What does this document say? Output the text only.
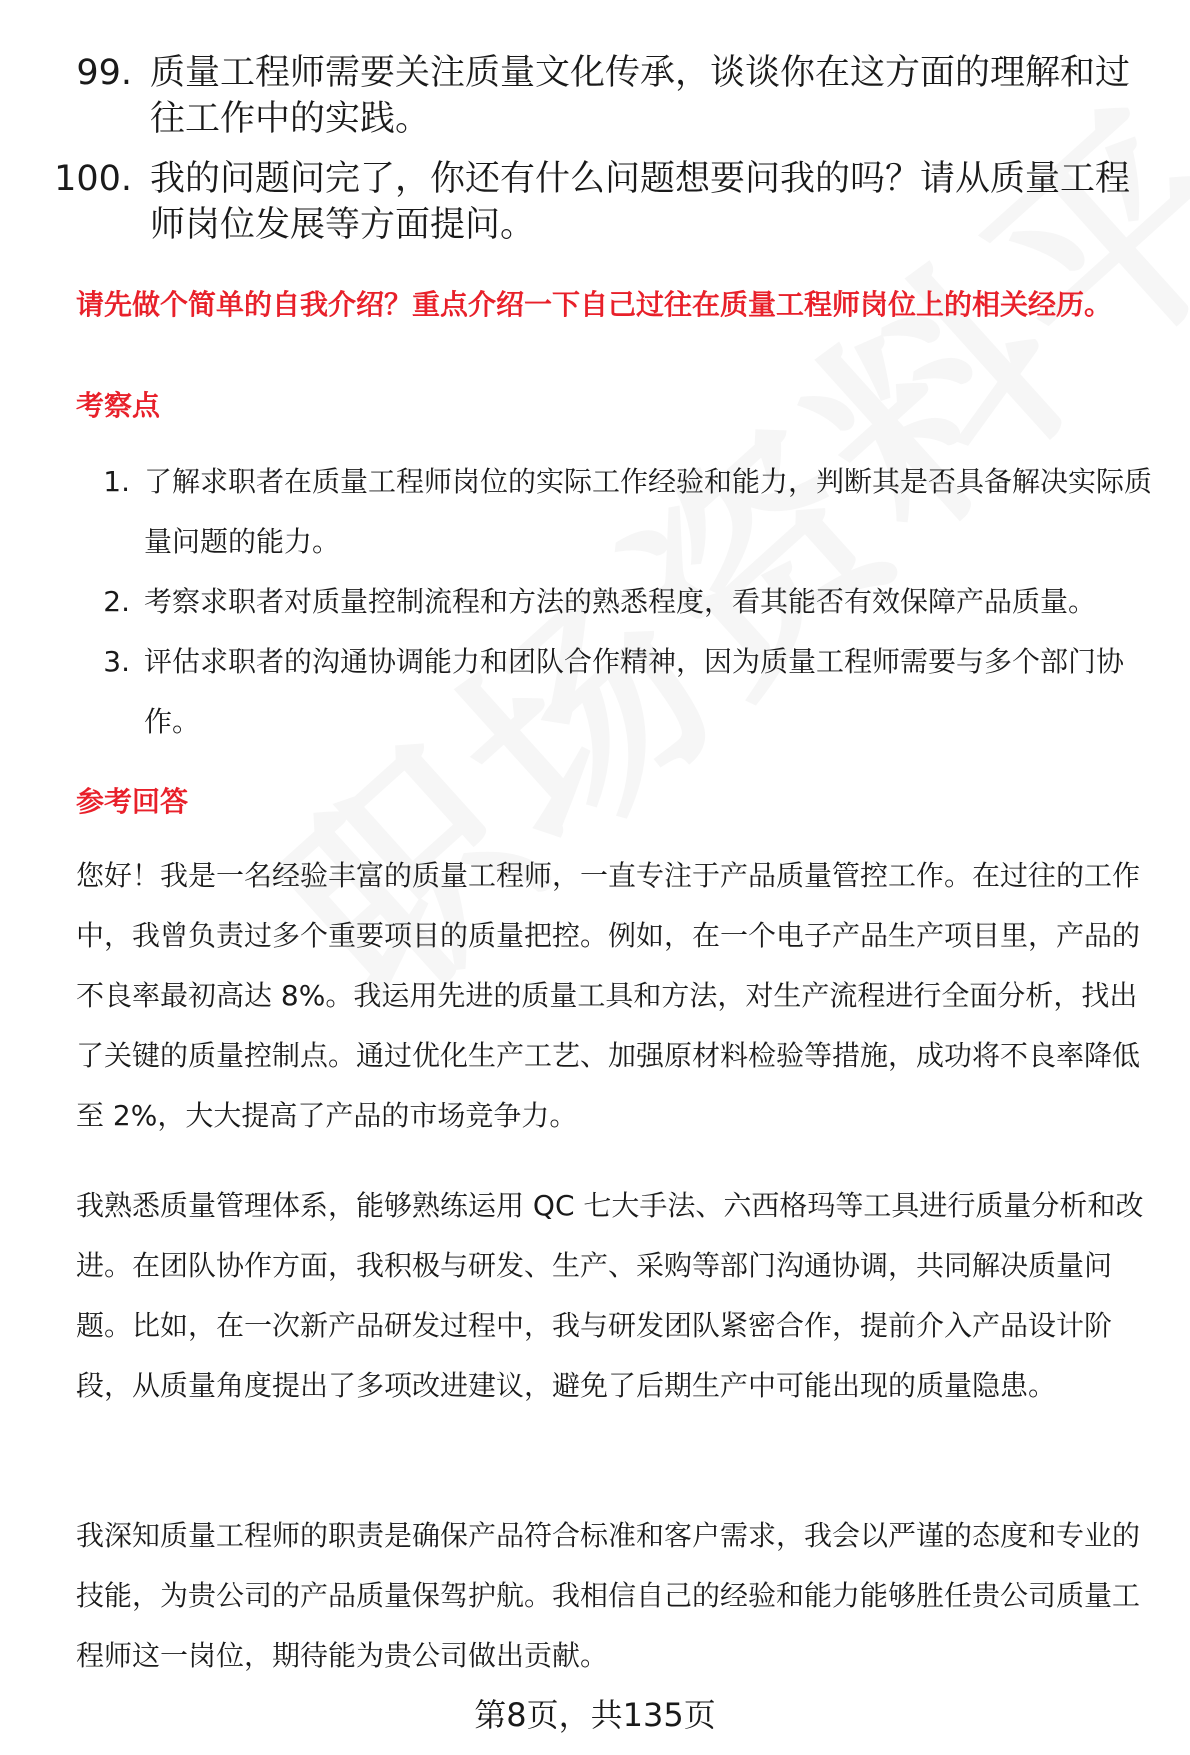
99. 质量工程师需要关注质量文化传承，谈谈你在这方面的理解和过往工作中的实践。
100. 我的问题问完了，你还有什么问题想要问我的吗？请从质量工程师岗位发展等方面提问。
请先做个简单的自我介绍？重点介绍一下自己过往在质量工程师岗位上的相关经历。
考察点
1. 了解求职者在质量工程师岗位的实际工作经验和能力，判断其是否具备解决实际质量问题的能力。
2. 考察求职者对质量控制流程和方法的熟悉程度，看其能否有效保障产品质量。
3. 评估求职者的沟通协调能力和团队合作精神，因为质量工程师需要与多个部门协作。
参考回答

您好！我是一名经验丰富的质量工程师，一直专注于产品质量管控工作。在过往的工作中，我曾负责过多个重要项目的质量把控。例如，在一个电子产品生产项目里，产品的不良率最初高达 8%。我运用先进的质量工具和方法，对生产流程进行全面分析，找出了关键的质量控制点。通过优化生产工艺、加强原材料检验等措施，成功将不良率降低至 2%，大大提高了产品的市场竞争力。

我熟悉质量管理体系，能够熟练运用 QC 七大手法、六西格玛等工具进行质量分析和改进。在团队协作方面，我积极与研发、生产、采购等部门沟通协调，共同解决质量问题。比如，在一次新产品研发过程中，我与研发团队紧密合作，提前介入产品设计阶段，从质量角度提出了多项改进建议，避免了后期生产中可能出现的质量隐患。

我深知质量工程师的职责是确保产品符合标准和客户需求，我会以严谨的态度和专业的技能，为贵公司的产品质量保驾护航。我相信自己的经验和能力能够胜任贵公司质量工程师这一岗位，期待能为贵公司做出贡献。

第8页，共135页
